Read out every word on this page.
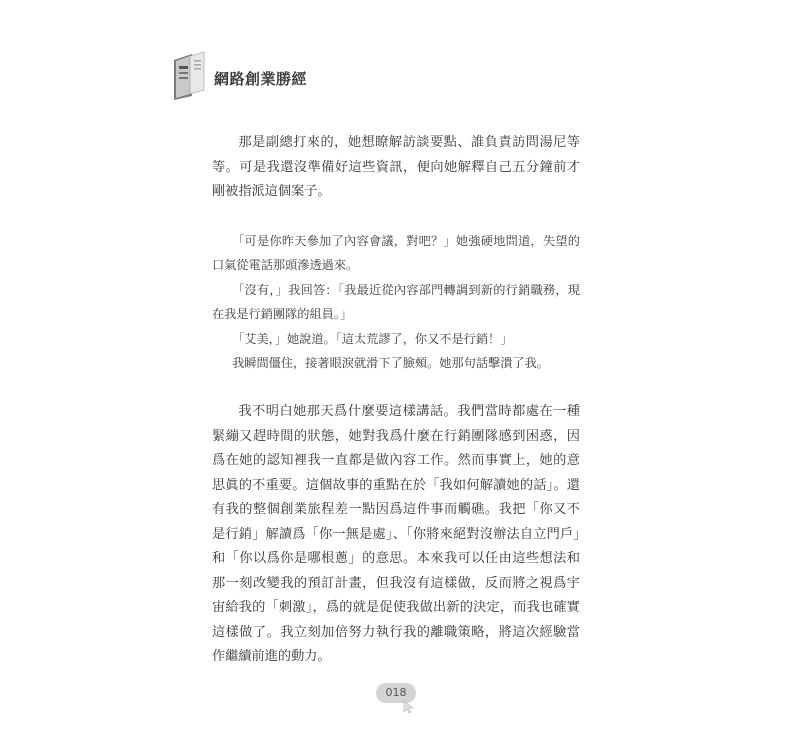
網路創業勝經

那是副總打來的，她想瞭解訪談要點、誰負責訪問湯尼等等。可是我還沒準備好這些資訊，便向她解釋自己五分鐘前才剛被指派這個案子。

「可是你昨天參加了內容會議，對吧？」她強硬地問道，失望的口氣從電話那頭滲透過來。

「沒有，」我回答：「我最近從內容部門轉調到新的行銷職務，現在我是行銷團隊的組員。」

「艾美，」她說道。「這太荒謬了，你又不是行銷！」

我瞬間僵住，接著眼淚就滑下了臉頰。她那句話擊潰了我。

我不明白她那天爲什麼要這樣講話。我們當時都處在一種緊繃又趕時間的狀態，她對我爲什麼在行銷團隊感到困惑，因爲在她的認知裡我一直都是做內容工作。然而事實上，她的意思眞的不重要。這個故事的重點在於「我如何解讀她的話」。還有我的整個創業旅程差一點因爲這件事而觸礁。我把「你又不是行銷」解讀爲「你一無是處」、「你將來絕對沒辦法自立門戶」和「你以爲你是哪根蔥」的意思。本來我可以任由這些想法和那一刻改變我的預訂計畫，但我沒有這樣做，反而將之視爲宇宙給我的「刺激」，爲的就是促使我做出新的決定，而我也確實這樣做了。我立刻加倍努力執行我的離職策略，將這次經驗當作繼續前進的動力。

018
